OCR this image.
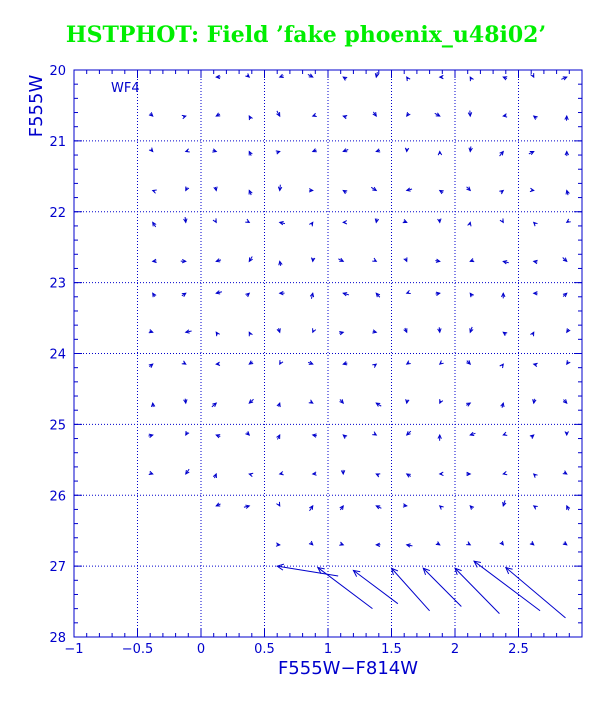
HSTPHOT: Field ’fake phoenix_u48i02’
−1	−0.5	0	0.5	1	1.5	2	2.5
20
21
22
23
24
25
26
27
28
WF4
F555W−F814W
F555W
